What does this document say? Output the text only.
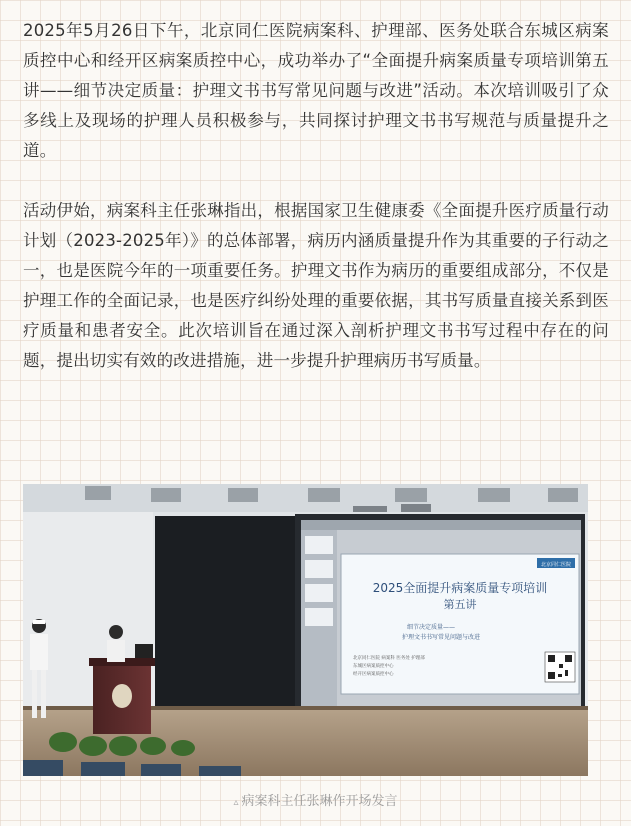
2025年5月26日下午，北京同仁医院病案科、护理部、医务处联合东城区病案质控中心和经开区病案质控中心，成功举办了“全面提升病案质量专项培训第五讲——细节决定质量：护理文书书写常见问题与改进”活动。本次培训吸引了众多线上及现场的护理人员积极参与，共同探讨护理文书书写规范与质量提升之道。

活动伊始，病案科主任张琳指出，根据国家卫生健康委《全面提升医疗质量行动计划（2023-2025年）》的总体部署，病历内涵质量提升作为其重要的子行动之一，也是医院今年的一项重要任务。护理文书作为病历的重要组成部分，不仅是护理工作的全面记录，也是医疗纠纷处理的重要依据，其书写质量直接关系到医疗质量和患者安全。此次培训旨在通过深入剖析护理文书书写过程中存在的问题，提出切实有效的改进措施，进一步提升护理病历书写质量。

北京同仁医院
2025全面提升病案质量专项培训
第五讲
细节决定质量——
护理文书书写常见问题与改进
北京同仁医院 病案科 医务处 护理部
东城区病案质控中心
经开区病案质控中心
▵ 病案科主任张琳作开场发言
